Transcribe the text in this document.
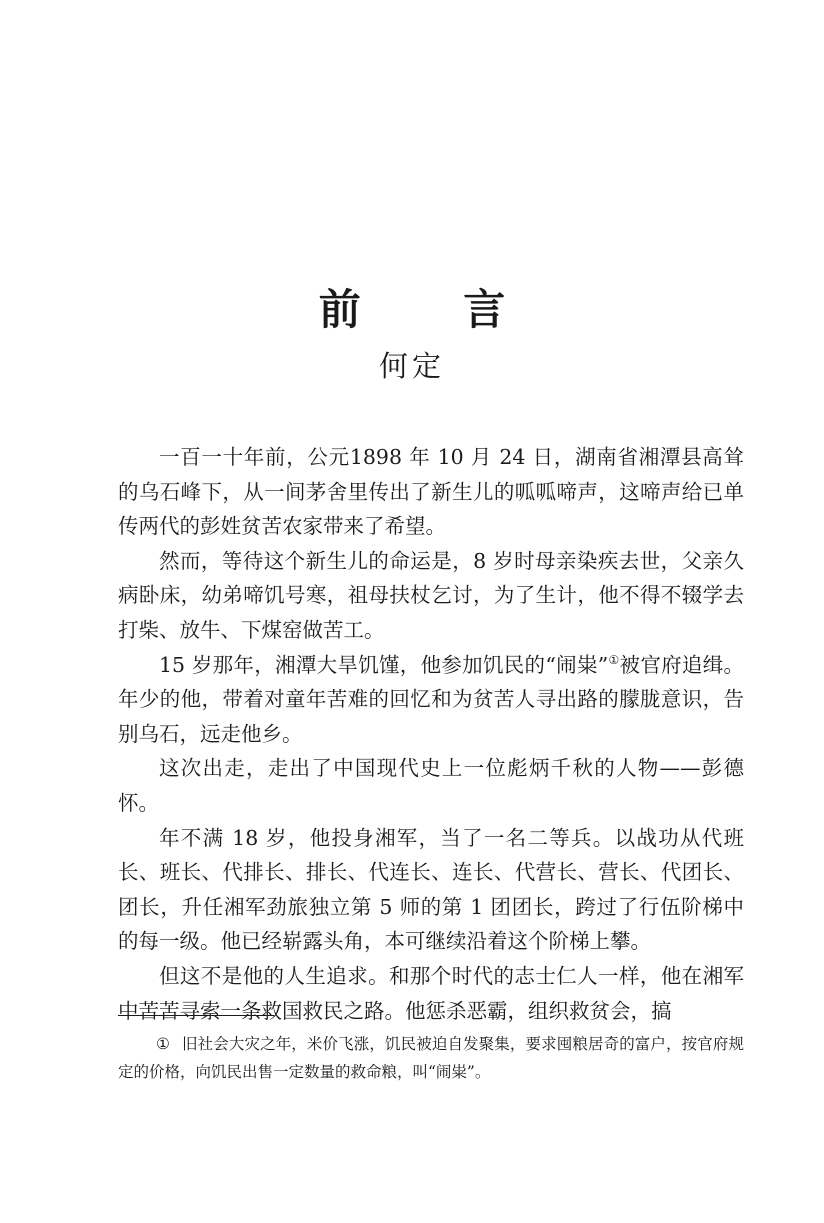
前 言
何定

一百一十年前，公元1898 年 10 月 24 日，湖南省湘潭县高耸的乌石峰下，从一间茅舍里传出了新生儿的呱呱啼声，这啼声给已单传两代的彭姓贫苦农家带来了希望。

然而，等待这个新生儿的命运是，8 岁时母亲染疾去世，父亲久病卧床，幼弟啼饥号寒，祖母扶杖乞讨，为了生计，他不得不辍学去打柴、放牛、下煤窑做苦工。

15 岁那年，湘潭大旱饥馑，他参加饥民的“闹粜”①被官府追缉。年少的他，带着对童年苦难的回忆和为贫苦人寻出路的朦胧意识，告别乌石，远走他乡。

这次出走，走出了中国现代史上一位彪炳千秋的人物——彭德怀。

年不满 18 岁，他投身湘军，当了一名二等兵。以战功从代班长、班长、代排长、排长、代连长、连长、代营长、营长、代团长、团长，升任湘军劲旅独立第 5 师的第 1 团团长，跨过了行伍阶梯中的每一级。他已经崭露头角，本可继续沿着这个阶梯上攀。

但这不是他的人生追求。和那个时代的志士仁人一样，他在湘军中苦苦寻索一条救国救民之路。他惩杀恶霸，组织救贫会，搞

① 旧社会大灾之年，米价飞涨，饥民被迫自发聚集，要求囤粮居奇的富户，按官府规定的价格，向饥民出售一定数量的救命粮，叫“闹粜”。
